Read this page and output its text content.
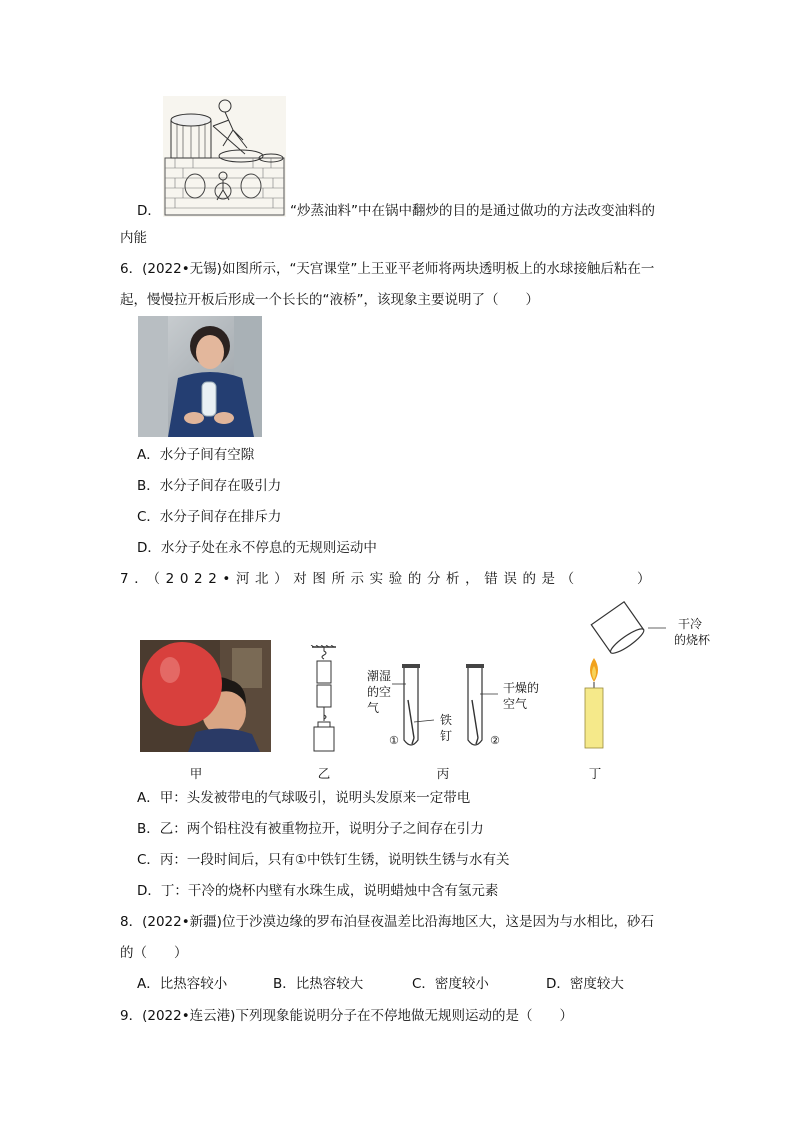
D．	“炒蒸油料”中在锅中翻炒的目的是通过做功的方法改变油料的
内能
6．(2022•无锡)如图所示，“天宫课堂”上王亚平老师将两块透明板上的水球接触后粘在一
起，慢慢拉开板后形成一个长长的“液桥”，该现象主要说明了（　　）
A．水分子间有空隙
B．水分子间存在吸引力
C．水分子间存在排斥力
D．水分子处在永不停息的无规则运动中
7．（2022•河北）对图所示实验的分析，错误的是（　　　）
甲	乙
潮湿
的空
气
干燥的
空气
铁
钉
①	②
丙
干冷
的烧杯
丁
A．甲：头发被带电的气球吸引，说明头发原来一定带电
B．乙：两个铅柱没有被重物拉开，说明分子之间存在引力
C．丙：一段时间后，只有①中铁钉生锈，说明铁生锈与水有关
D．丁：干冷的烧杯内壁有水珠生成，说明蜡烛中含有氢元素
8．(2022•新疆)位于沙漠边缘的罗布泊昼夜温差比沿海地区大，这是因为与水相比，砂石
的（　　）
A．比热容较小	B．比热容较大	C．密度较小	D．密度较大
9．(2022•连云港)下列现象能说明分子在不停地做无规则运动的是（　　）
